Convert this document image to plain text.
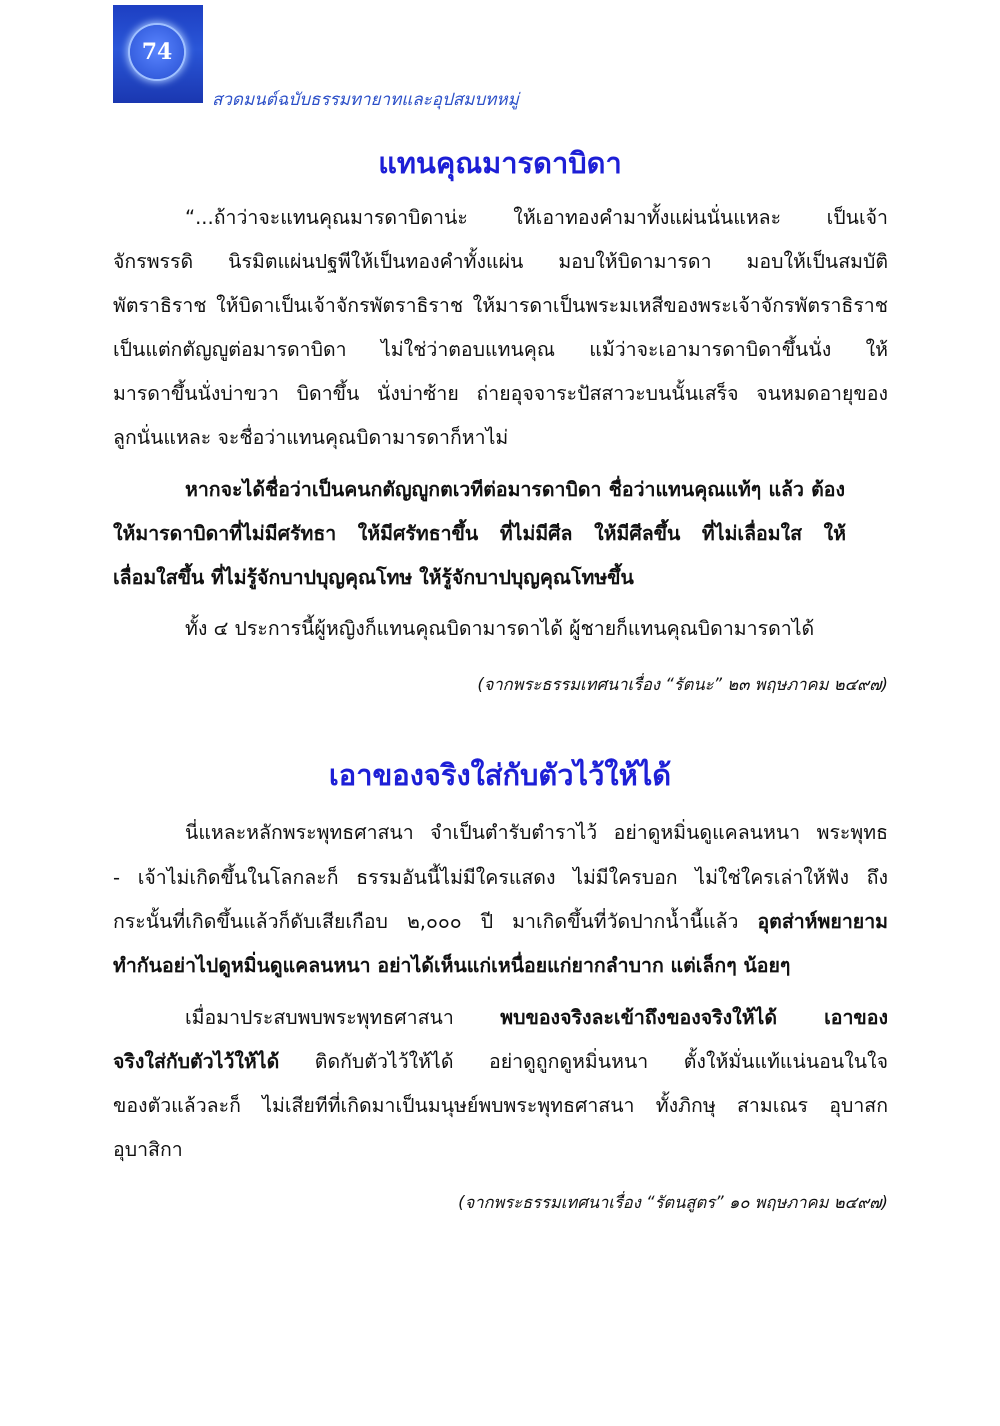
74
สวดมนต์ฉบับธรรมทายาทและอุปสมบทหมู่
แทนคุณมารดาบิดา
“...ถ้าว่าจะแทนคุณมารดาบิดาน่ะ ให้เอาทองคำมาทั้งแผ่นนั่นแหละ เป็นเจ้า
จักรพรรดิ นิรมิตแผ่นปฐพีให้เป็นทองคำทั้งแผ่น มอบให้บิดามารดา มอบให้เป็นสมบัติ
พัตราธิราช ให้บิดาเป็นเจ้าจักรพัตราธิราช ให้มารดาเป็นพระมเหสีของพระเจ้าจักรพัตราธิราช
เป็นแต่กตัญญูต่อมารดาบิดา ไม่ใช่ว่าตอบแทนคุณ แม้ว่าจะเอามารดาบิดาขึ้นนั่ง ให้
มารดาขึ้นนั่งบ่าขวา บิดาขึ้น นั่งบ่าซ้าย ถ่ายอุจจาระปัสสาวะบนนั้นเสร็จ จนหมดอายุของ
ลูกนั่นแหละ จะชื่อว่าแทนคุณบิดามารดาก็หาไม่
หากจะได้ชื่อว่าเป็นคนกตัญญูกตเวทีต่อมารดาบิดา ชื่อว่าแทนคุณแท้ๆ แล้ว ต้อง
ให้มารดาบิดาที่ไม่มีศรัทธา ให้มีศรัทธาขึ้น ที่ไม่มีศีล ให้มีศีลขึ้น ที่ไม่เลื่อมใส ให้
เลื่อมใสขึ้น ที่ไม่รู้จักบาปบุญคุณโทษ ให้รู้จักบาปบุญคุณโทษขึ้น
ทั้ง ๔ ประการนี้ผู้หญิงก็แทนคุณบิดามารดาได้ ผู้ชายก็แทนคุณบิดามารดาได้
(จากพระธรรมเทศนาเรื่อง “รัตนะ” ๒๓ พฤษภาคม ๒๔๙๗)
เอาของจริงใส่กับตัวไว้ให้ได้
นี่แหละหลักพระพุทธศาสนา จำเป็นตำรับตำราไว้ อย่าดูหมิ่นดูแคลนหนา พระพุทธ
- เจ้าไม่เกิดขึ้นในโลกละก็ ธรรมอันนี้ไม่มีใครแสดง ไม่มีใครบอก ไม่ใช่ใครเล่าให้ฟัง ถึง
กระนั้นที่เกิดขึ้นแล้วก็ดับเสียเกือบ ๒,๐๐๐ ปี มาเกิดขึ้นที่วัดปากน้ำนี้แล้ว อุตส่าห์พยายาม
ทำกันอย่าไปดูหมิ่นดูแคลนหนา อย่าได้เห็นแก่เหนื่อยแก่ยากลำบาก แต่เล็กๆ น้อยๆ
เมื่อมาประสบพบพระพุทธศาสนา พบของจริงละเข้าถึงของจริงให้ได้ เอาของ
จริงใส่กับตัวไว้ให้ได้ ติดกับตัวไว้ให้ได้ อย่าดูถูกดูหมิ่นหนา ตั้งให้มั่นแท้แน่นอนในใจ
ของตัวแล้วละก็ ไม่เสียทีที่เกิดมาเป็นมนุษย์พบพระพุทธศาสนา ทั้งภิกษุ สามเณร อุบาสก
อุบาสิกา
(จากพระธรรมเทศนาเรื่อง “รัตนสูตร” ๑๐ พฤษภาคม ๒๔๙๗)
